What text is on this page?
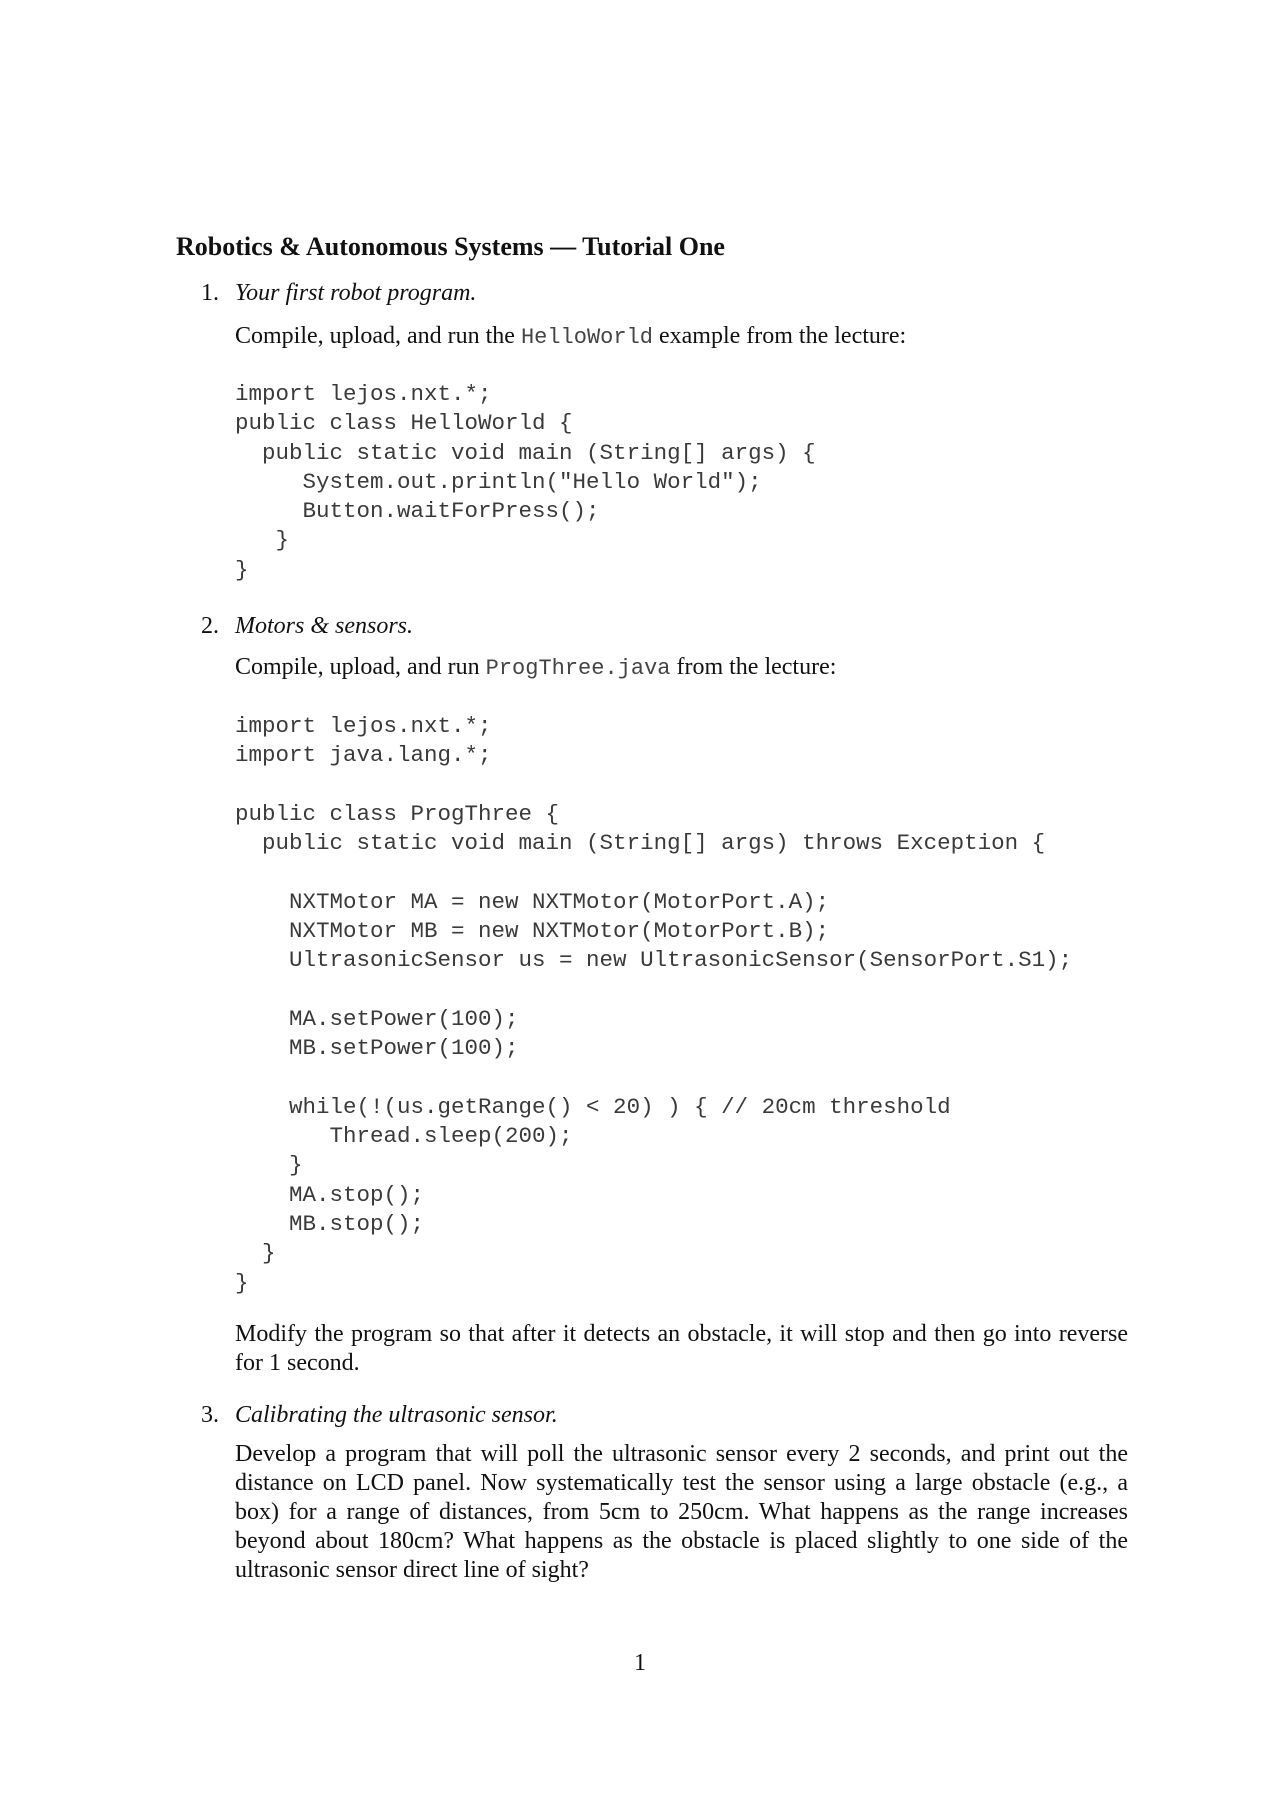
Robotics & Autonomous Systems — Tutorial One
1. Your first robot program.
Compile, upload, and run the HelloWorld example from the lecture:
import lejos.nxt.*;
public class HelloWorld {
public static void main (String[] args) {
System.out.println("Hello World");
Button.waitForPress();
}
}
2. Motors & sensors.
Compile, upload, and run ProgThree.java from the lecture:
import lejos.nxt.*;
import java.lang.*;

public class ProgThree {
public static void main (String[] args) throws Exception {

NXTMotor MA = new NXTMotor(MotorPort.A);
NXTMotor MB = new NXTMotor(MotorPort.B);
UltrasonicSensor us = new UltrasonicSensor(SensorPort.S1);

MA.setPower(100);
MB.setPower(100);

while(!(us.getRange() < 20) ) { // 20cm threshold
Thread.sleep(200);
}
MA.stop();
MB.stop();
}
}
Modify the program so that after it detects an obstacle, it will stop and then go into reverse for 1 second.
3. Calibrating the ultrasonic sensor.
Develop a program that will poll the ultrasonic sensor every 2 seconds, and print out the distance on LCD panel. Now systematically test the sensor using a large obstacle (e.g., a box) for a range of distances, from 5cm to 250cm. What happens as the range increases beyond about 180cm? What happens as the obstacle is placed slightly to one side of the ultrasonic sensor direct line of sight?
1
